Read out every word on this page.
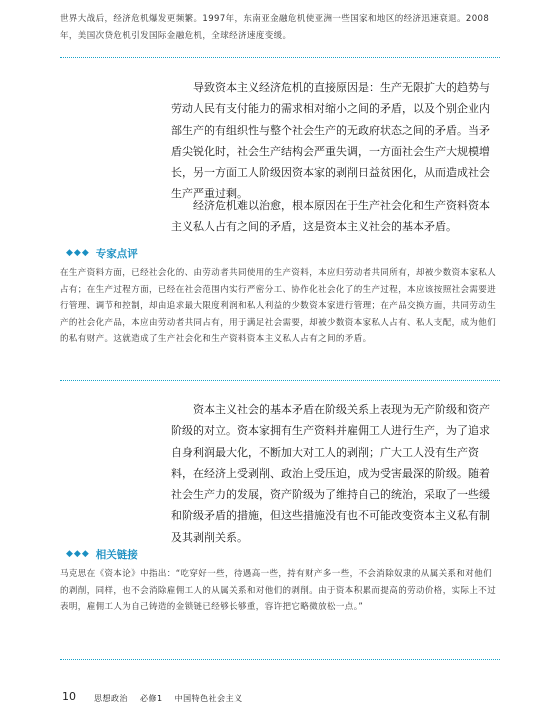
世界大战后，经济危机爆发更频繁。1997年，东南亚金融危机使亚洲一些国家和地区的经济迅速衰退。2008年，美国次贷危机引发国际金融危机，全球经济速度变缓。
导致资本主义经济危机的直接原因是：生产无限扩大的趋势与劳动人民有支付能力的需求相对缩小之间的矛盾，以及个别企业内部生产的有组织性与整个社会生产的无政府状态之间的矛盾。当矛盾尖锐化时，社会生产结构会严重失调，一方面社会生产大规模增长，另一方面工人阶级因资本家的剥削日益贫困化，从而造成社会生产严重过剩。
经济危机难以治愈，根本原因在于生产社会化和生产资料资本主义私人占有之间的矛盾，这是资本主义社会的基本矛盾。
◆◆◆ 专家点评
在生产资料方面，已经社会化的、由劳动者共同使用的生产资料，本应归劳动者共同所有，却被少数资本家私人占有；在生产过程方面，已经在社会范围内实行严密分工、协作化社会化了的生产过程，本应该按照社会需要进行管理、调节和控制，却由追求最大限度利润和私人利益的少数资本家进行管理；在产品交换方面，共同劳动生产的社会化产品，本应由劳动者共同占有，用于满足社会需要，却被少数资本家私人占有、私人支配，成为他们的私有财产。这就造成了生产社会化和生产资料资本主义私人占有之间的矛盾。
资本主义社会的基本矛盾在阶级关系上表现为无产阶级和资产阶级的对立。资本家拥有生产资料并雇佣工人进行生产，为了追求自身利润最大化，不断加大对工人的剥削；广大工人没有生产资料，在经济上受剥削、政治上受压迫，成为受害最深的阶级。随着社会生产力的发展，资产阶级为了维持自己的统治，采取了一些缓和阶级矛盾的措施，但这些措施没有也不可能改变资本主义私有制及其剥削关系。
◆◆◆ 相关链接
马克思在《资本论》中指出：“吃穿好一些，待遇高一些，持有财产多一些，不会消除奴隶的从属关系和对他们的剥削，同样，也不会消除雇佣工人的从属关系和对他们的剥削。由于资本积累而提高的劳动价格，实际上不过表明，雇佣工人为自己铸造的金锁链已经够长够重，容许把它略微放松一点。”
10 思想政治 必修1 中国特色社会主义
